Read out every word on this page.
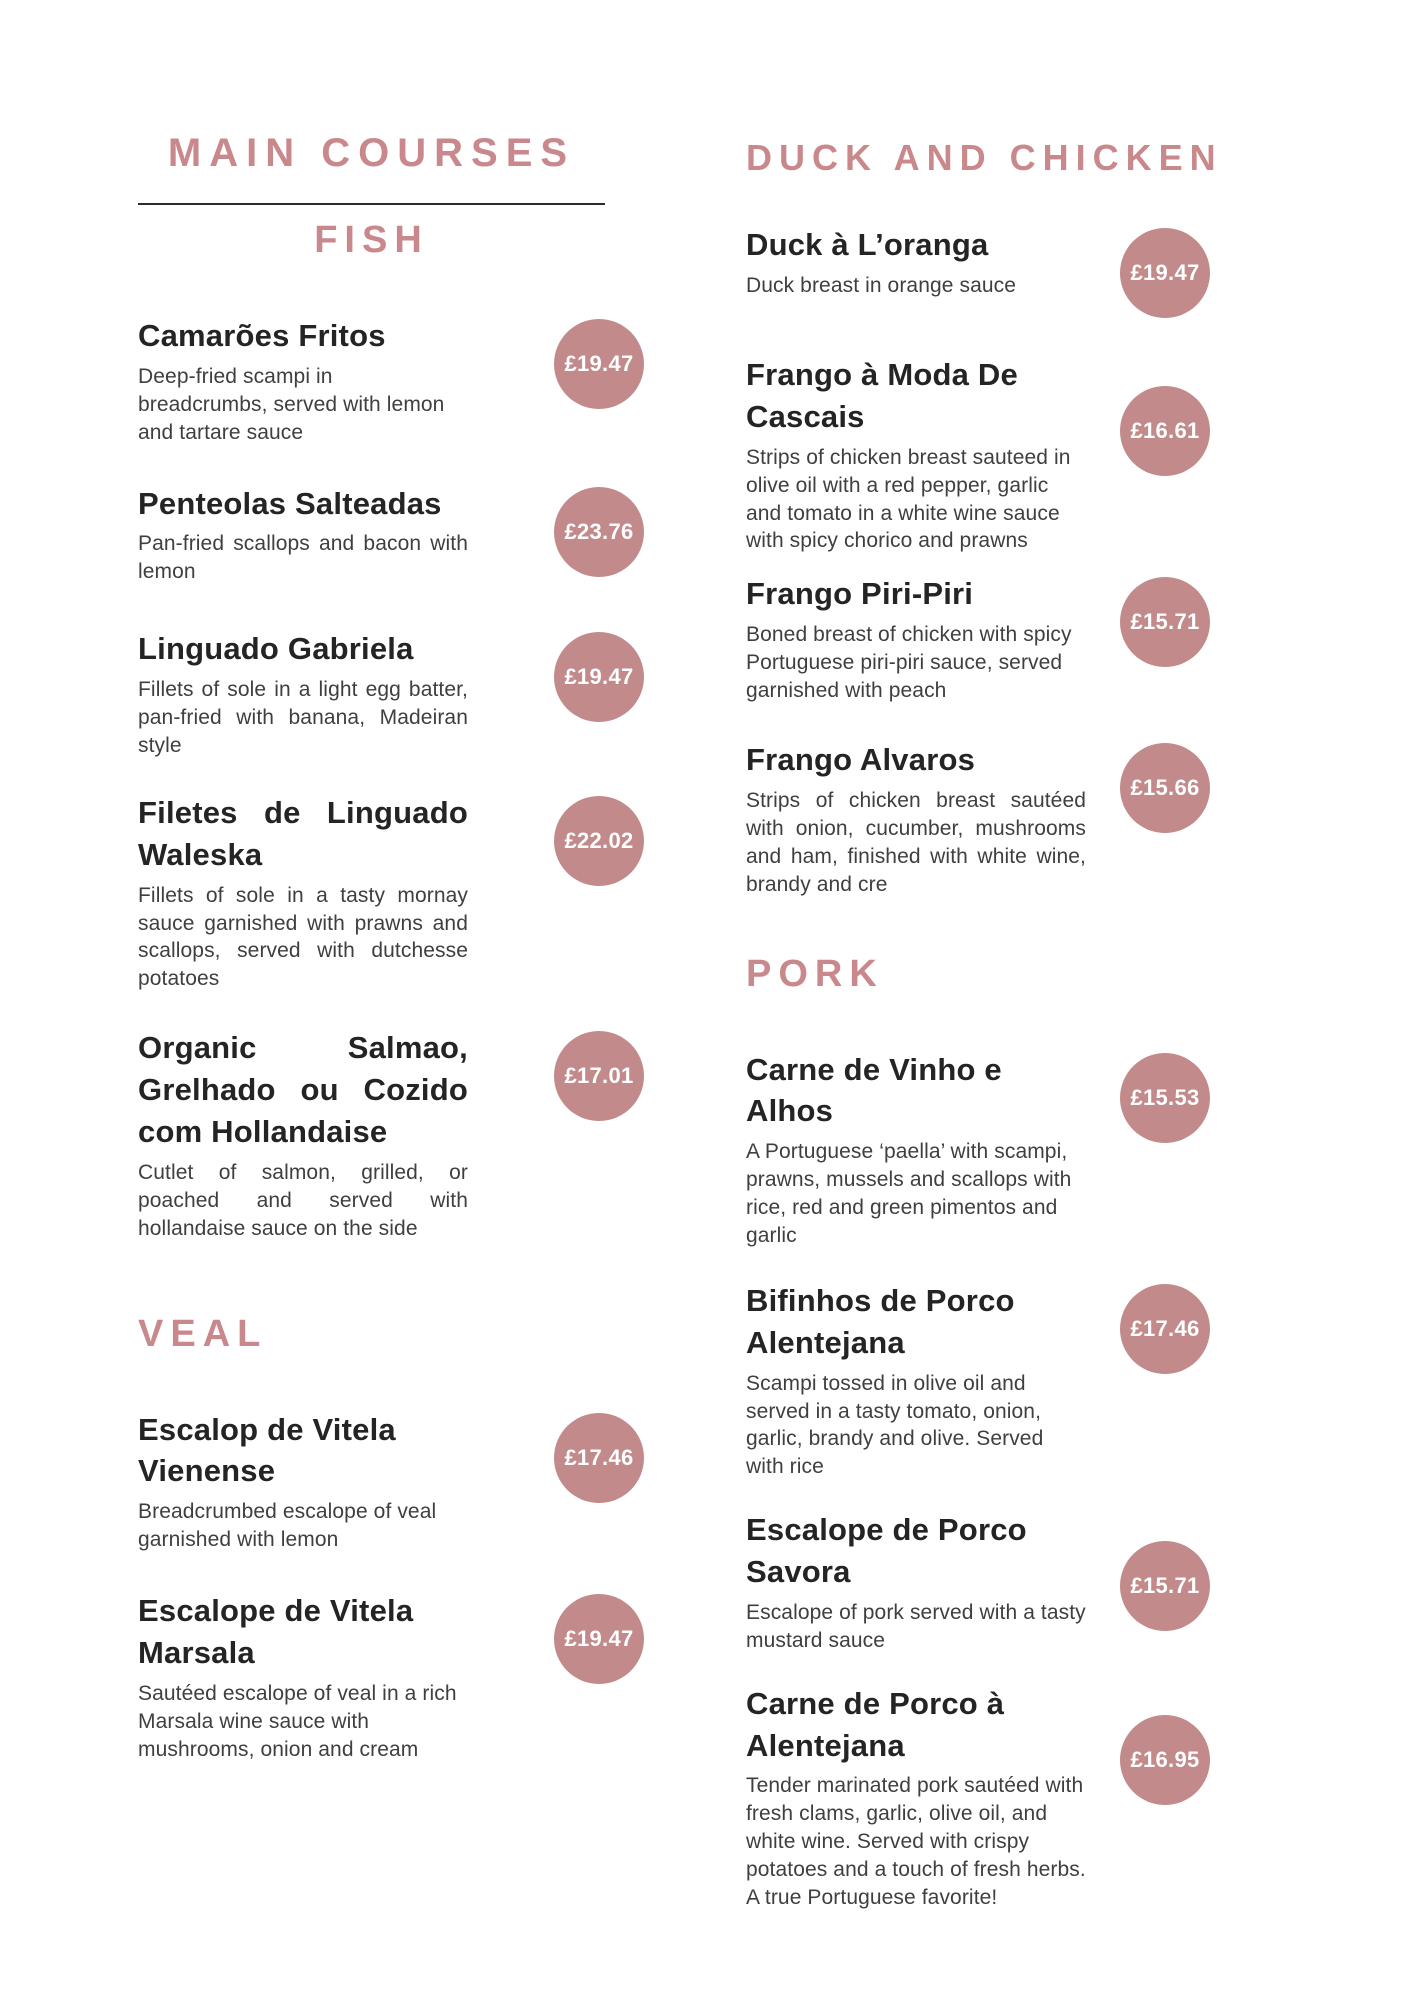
MAIN COURSES
FISH
Camarões Fritos
Deep-fried scampi in breadcrumbs, served with lemon and tartare sauce
£19.47
Penteolas Salteadas
Pan-fried scallops and bacon with lemon
£23.76
Linguado Gabriela
Fillets of sole in a light egg batter, pan-fried with banana, Madeiran style
£19.47
Filetes de Linguado Waleska
Fillets of sole in a tasty mornay sauce garnished with prawns and scallops, served with dutchesse potatoes
£22.02
Organic Salmao, Grelhado ou Cozido com Hollandaise
Cutlet of salmon, grilled, or poached and served with hollandaise sauce on the side
£17.01
VEAL
Escalop de Vitela Vienense
Breadcrumbed escalope of veal garnished with lemon
£17.46
Escalope de Vitela Marsala
Sautéed escalope of veal in a rich Marsala wine sauce with mushrooms, onion and cream
£19.47
DUCK AND CHICKEN
Duck à L’oranga
Duck breast in orange sauce
£19.47
Frango à Moda De Cascais
Strips of chicken breast sauteed in olive oil with a red pepper, garlic and tomato in a white wine sauce with spicy chorico and prawns
£16.61
Frango Piri-Piri
Boned breast of chicken with spicy Portuguese piri-piri sauce, served garnished with peach
£15.71
Frango Alvaros
Strips of chicken breast sautéed with onion, cucumber, mushrooms and ham, finished with white wine, brandy and cre
£15.66
PORK
Carne de Vinho e Alhos
A Portuguese ‘paella’ with scampi, prawns, mussels and scallops with rice, red and green pimentos and garlic
£15.53
Bifinhos de Porco Alentejana
Scampi tossed in olive oil and served in a tasty tomato, onion, garlic, brandy and olive. Served with rice
£17.46
Escalope de Porco Savora
Escalope of pork served with a tasty mustard sauce
£15.71
Carne de Porco à Alentejana
Tender marinated pork sautéed with fresh clams, garlic, olive oil, and white wine. Served with crispy potatoes and a touch of fresh herbs. A true Portuguese favorite!
£16.95
